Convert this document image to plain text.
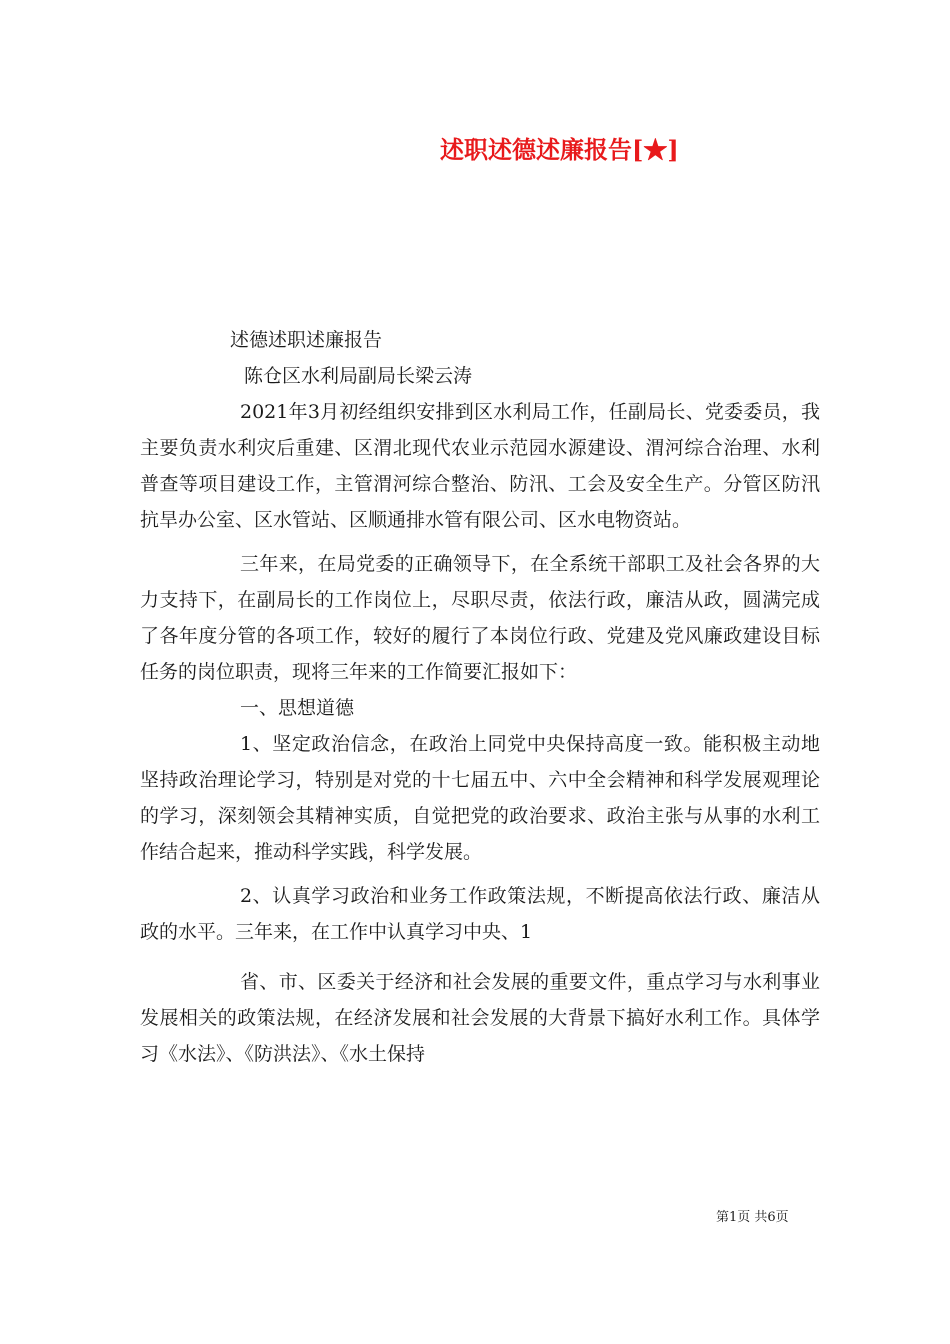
述职述德述廉报告[★]

述德述职述廉报告

陈仓区水利局副局长梁云涛

2021年3月初经组织安排到区水利局工作，任副局长、党委委员，我主要负责水利灾后重建、区渭北现代农业示范园水源建设、渭河综合治理、水利普查等项目建设工作，主管渭河综合整治、防汛、工会及安全生产。分管区防汛抗旱办公室、区水管站、区顺通排水管有限公司、区水电物资站。

三年来，在局党委的正确领导下，在全系统干部职工及社会各界的大力支持下，在副局长的工作岗位上，尽职尽责，依法行政，廉洁从政，圆满完成了各年度分管的各项工作，较好的履行了本岗位行政、党建及党风廉政建设目标任务的岗位职责，现将三年来的工作简要汇报如下：

一、思想道德

1、坚定政治信念，在政治上同党中央保持高度一致。能积极主动地坚持政治理论学习，特别是对党的十七届五中、六中全会精神和科学发展观理论的学习，深刻领会其精神实质，自觉把党的政治要求、政治主张与从事的水利工作结合起来，推动科学实践，科学发展。

2、认真学习政治和业务工作政策法规，不断提高依法行政、廉洁从政的水平。三年来，在工作中认真学习中央、1

省、市、区委关于经济和社会发展的重要文件，重点学习与水利事业发展相关的政策法规，在经济发展和社会发展的大背景下搞好水利工作。具体学习《水法》、《防洪法》、《水土保持

第1页 共6页
